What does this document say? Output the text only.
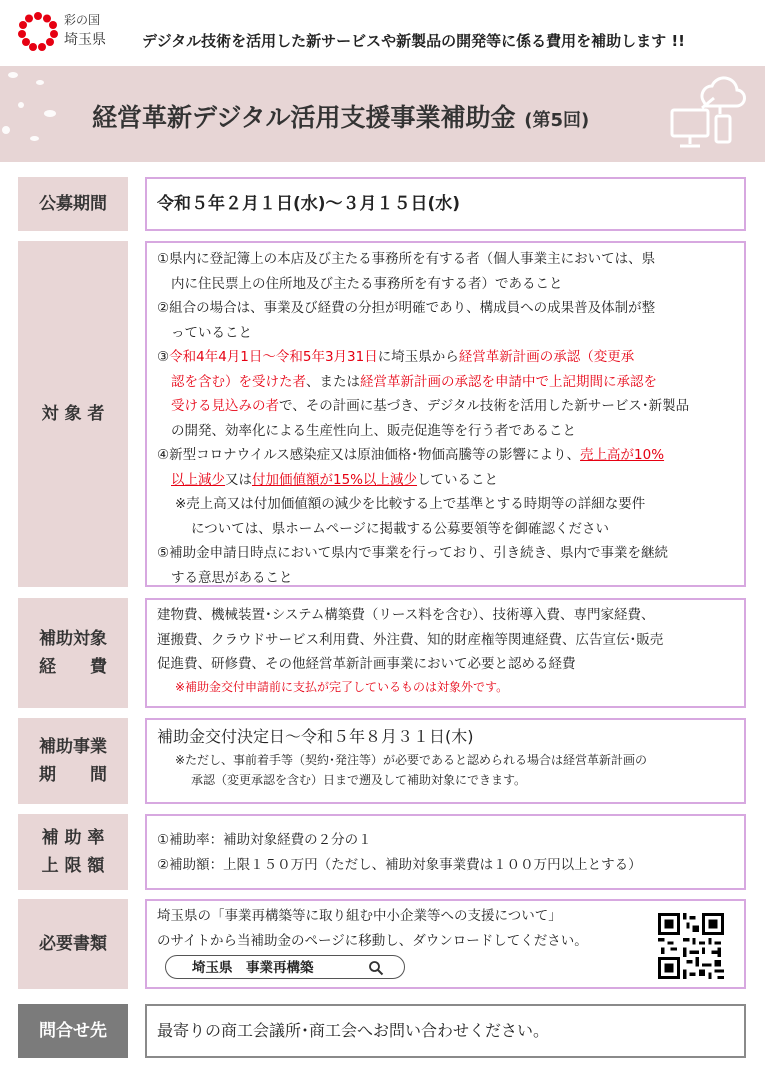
彩の国
埼玉県 デジタル技術を活用した新サービスや新製品の開発等に係る費用を補助します !!
経営革新デジタル活用支援事業補助金 (第5回)
公募期間	令和５年２月１日(水)～３月１５日(水)
対 象 者
①県内に登記簿上の本店及び主たる事務所を有する者（個人事業主においては、県
内に住民票上の住所地及び主たる事務所を有する者）であること
②組合の場合は、事業及び経費の分担が明確であり、構成員への成果普及体制が整
っていること
③令和4年4月1日～令和5年3月31日に埼玉県から経営革新計画の承認（変更承
認を含む）を受けた者、または経営革新計画の承認を申請中で上記期間に承認を
受ける見込みの者で、その計画に基づき、デジタル技術を活用した新サービス･新製品
の開発、効率化による生産性向上、販売促進等を行う者であること
④新型コロナウイルス感染症又は原油価格･物価高騰等の影響により、売上高が10%
以上減少又は付加価値額が15%以上減少していること
※売上高又は付加価値額の減少を比較する上で基準とする時期等の詳細な要件
については、県ホームページに掲載する公募要領等を御確認ください
⑤補助金申請日時点において県内で事業を行っており、引き続き、県内で事業を継続
する意思があること
補助対象
経　　費
建物費、機械装置･システム構築費（リース料を含む）、技術導入費、専門家経費、
運搬費、クラウドサービス利用費、外注費、知的財産権等関連経費、広告宣伝･販売
促進費、研修費、その他経営革新計画事業において必要と認める経費
※補助金交付申請前に支払が完了しているものは対象外です。
補助事業
期　　間
補助金交付決定日～令和５年８月３１日(木)
※ただし、事前着手等（契約･発注等）が必要であると認められる場合は経営革新計画の
承認（変更承認を含む）日まで遡及して補助対象にできます。
補 助 率
上 限 額
①補助率：補助対象経費の２分の１
②補助額：上限１５０万円（ただし、補助対象事業費は１００万円以上とする）
必要書類
埼玉県の「事業再構築等に取り組む中小企業等への支援について」
のサイトから当補助金のページに移動し、ダウンロードしてください。
埼玉県　事業再構築
問合せ先	最寄りの商工会議所･商工会へお問い合わせください。
